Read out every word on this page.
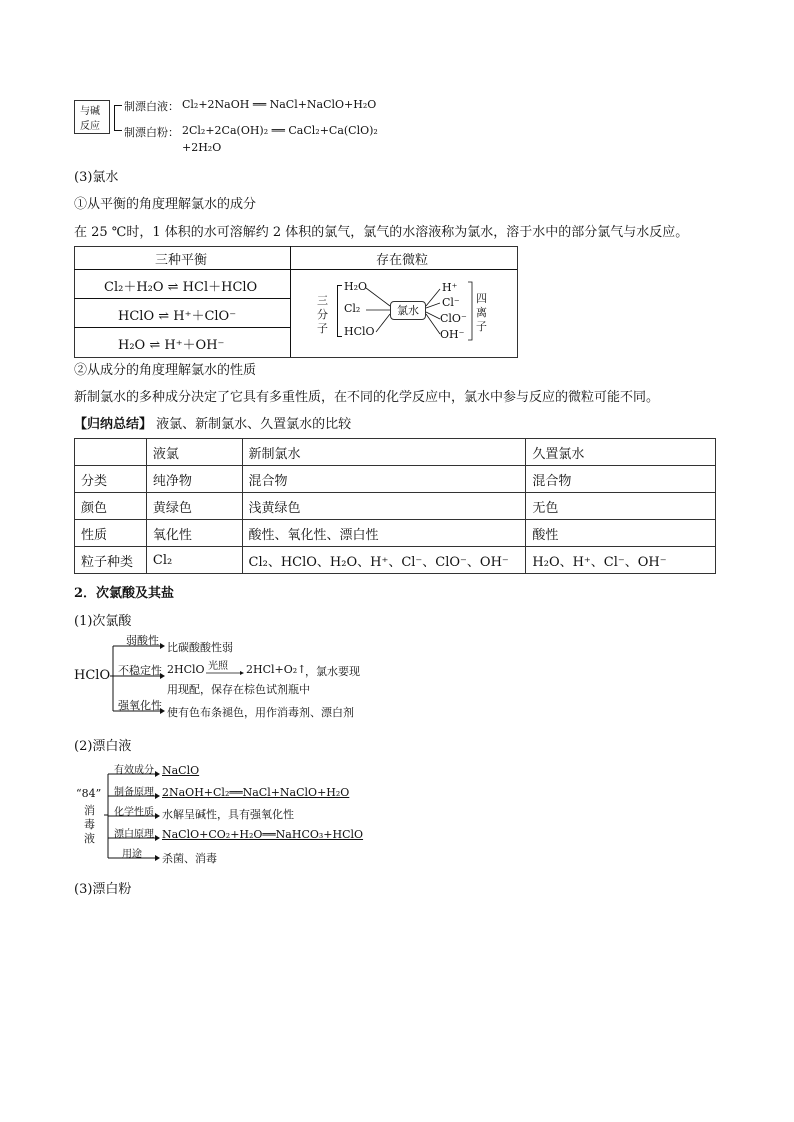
与碱
反应
制漂白液： Cl₂+2NaOH ══ NaCl+NaClO+H₂O
制漂白粉： 2Cl₂+2Ca(OH)₂ ══ CaCl₂+Ca(ClO)₂
+2H₂O
(3)氯水
①从平衡的角度理解氯水的成分
在 25 ℃时，1 体积的水可溶解约 2 体积的氯气，氯气的水溶液称为氯水，溶于水中的部分氯气与水反应。
三种平衡	存在微粒
Cl₂＋H₂O ⇌ HCl＋HClO
HClO ⇌ H⁺＋ClO⁻
H₂O ⇌ H⁺＋OH⁻
三
分
子
H₂O
Cl₂
HClO
氯水
H⁺
Cl⁻
ClO⁻
OH⁻
四
离
子
②从成分的角度理解氯水的性质
新制氯水的多种成分决定了它具有多重性质，在不同的化学反应中，氯水中参与反应的微粒可能不同。
【归纳总结】 液氯、新制氯水、久置氯水的比较
	液氯	新制氯水	久置氯水
分类	纯净物	混合物	混合物
颜色	黄绿色	浅黄绿色	无色
性质	氧化性	酸性、氧化性、漂白性	酸性
粒子种类	Cl₂	Cl₂、HClO、H₂O、H⁺、Cl⁻、ClO⁻、OH⁻	H₂O、H⁺、Cl⁻、OH⁻
2．次氯酸及其盐
(1)次氯酸
HClO
弱酸性
比碳酸酸性弱
不稳定性 2HClO 光照 2HCl+O₂↑
，氯水要现
用现配，保存在棕色试剂瓶中
强氧化性
使有色布条褪色，用作消毒剂、漂白剂
(2)漂白液
“84”
消
毒
液
有效成分 NaClO
制备原理 2NaOH+Cl₂══NaCl+NaClO+H₂O
化学性质 水解呈碱性，具有强氧化性
漂白原理 NaClO+CO₂+H₂O══NaHCO₃+HClO
用途 杀菌、消毒
(3)漂白粉
